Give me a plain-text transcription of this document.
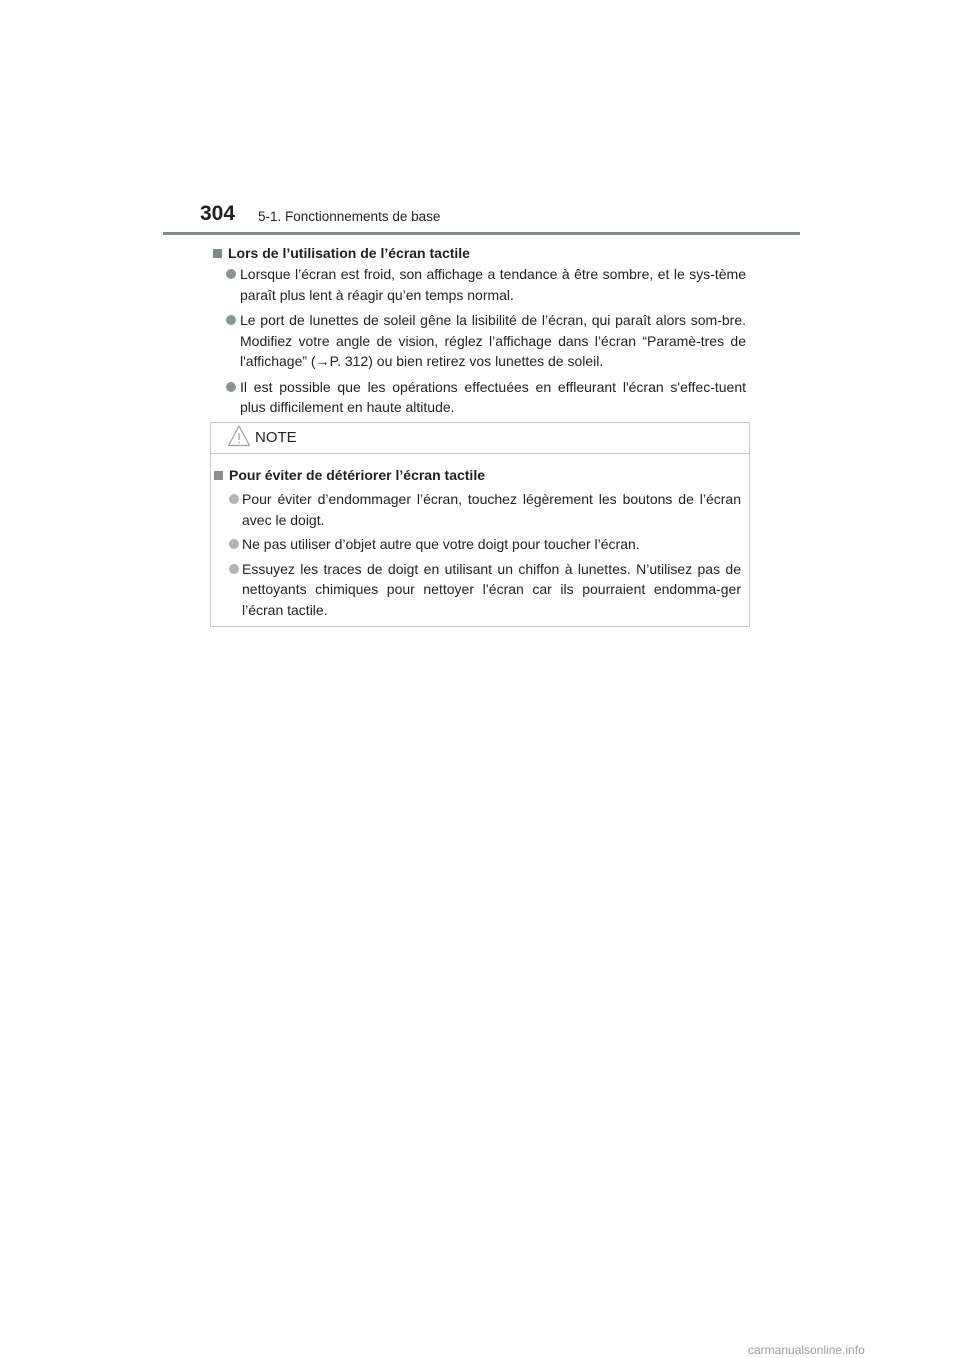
304 5-1. Fonctionnements de base
Lors de l’utilisation de l’écran tactile
Lorsque l’écran est froid, son affichage a tendance à être sombre, et le sys-tème paraît plus lent à réagir qu’en temps normal.
Le port de lunettes de soleil gêne la lisibilité de l’écran, qui paraît alors som-bre. Modifiez votre angle de vision, réglez l’affichage dans l’écran “Paramè-tres de l'affichage” (→P. 312) ou bien retirez vos lunettes de soleil.
Il est possible que les opérations effectuées en effleurant l'écran s'effec-tuent plus difficilement en haute altitude.
NOTE
Pour éviter de détériorer l’écran tactile
Pour éviter d’endommager l’écran, touchez légèrement les boutons de l’écran avec le doigt.
Ne pas utiliser d’objet autre que votre doigt pour toucher l’écran.
Essuyez les traces de doigt en utilisant un chiffon à lunettes. N’utilisez pas de nettoyants chimiques pour nettoyer l’écran car ils pourraient endomma-ger l’écran tactile.
carmanualsonline.info
